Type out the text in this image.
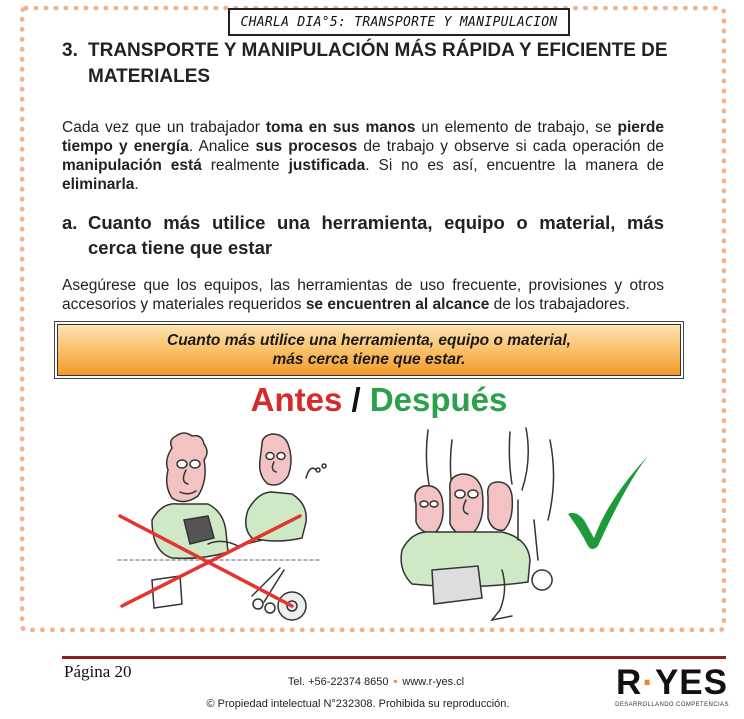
CHARLA DIA°5: TRANSPORTE Y MANIPULACION
3. TRANSPORTE Y MANIPULACIÓN MÁS RÁPIDA Y EFICIENTE DE MATERIALES
Cada vez que un trabajador toma en sus manos un elemento de trabajo, se pierde tiempo y energía. Analice sus procesos de trabajo y observe si cada operación de manipulación está realmente justificada. Si no es así, encuentre la manera de eliminarla.
a. Cuanto más utilice una herramienta, equipo o material, más cerca tiene que estar
Asegúrese que los equipos, las herramientas de uso frecuente, provisiones y otros accesorios y materiales requeridos se encuentren al alcance de los trabajadores.
Cuanto más utilice una herramienta, equipo o material,
más cerca tiene que estar.
Antes / Después
Página 20
Tel. +56-22374 8650 • www.r-yes.cl
© Propiedad intelectual N°232308. Prohibida su reproducción.
R·YES
DESARROLLANDO COMPETENCIAS
